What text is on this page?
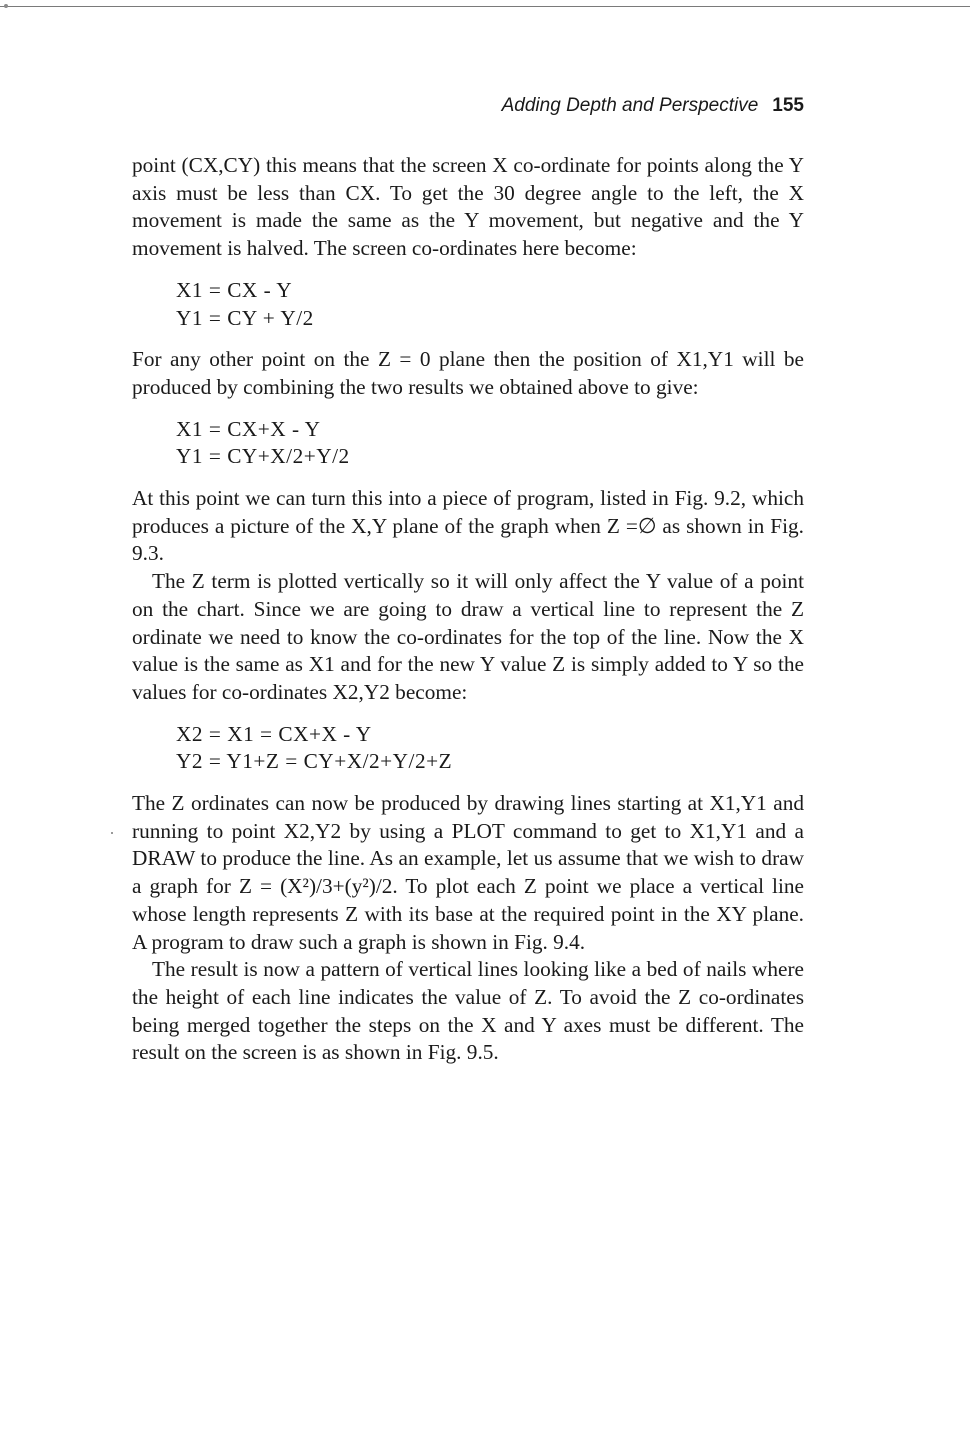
Adding Depth and Perspective 155

point (CX,CY) this means that the screen X co-ordinate for points along the Y axis must be less than CX. To get the 30 degree angle to the left, the X movement is made the same as the Y movement, but negative and the Y movement is halved. The screen co-ordinates here become:

X1 = CX - Y
Y1 = CY + Y/2

For any other point on the Z = 0 plane then the position of X1,Y1 will be produced by combining the two results we obtained above to give:

X1 = CX+X - Y
Y1 = CY+X/2+Y/2

At this point we can turn this into a piece of program, listed in Fig. 9.2, which produces a picture of the X,Y plane of the graph when Z =∅ as shown in Fig. 9.3.

The Z term is plotted vertically so it will only affect the Y value of a point on the chart. Since we are going to draw a vertical line to represent the Z ordinate we need to know the co-ordinates for the top of the line. Now the X value is the same as X1 and for the new Y value Z is simply added to Y so the values for co-ordinates X2,Y2 become:

X2 = X1 = CX+X - Y
Y2 = Y1+Z = CY+X/2+Y/2+Z

The Z ordinates can now be produced by drawing lines starting at X1,Y1 and running to point X2,Y2 by using a PLOT command to get to X1,Y1 and a DRAW to produce the line. As an example, let us assume that we wish to draw a graph for Z = (X²)/3+(y²)/2. To plot each Z point we place a vertical line whose length represents Z with its base at the required point in the XY plane. A program to draw such a graph is shown in Fig. 9.4.

The result is now a pattern of vertical lines looking like a bed of nails where the height of each line indicates the value of Z. To avoid the Z co-ordinates being merged together the steps on the X and Y axes must be different. The result on the screen is as shown in Fig. 9.5.
